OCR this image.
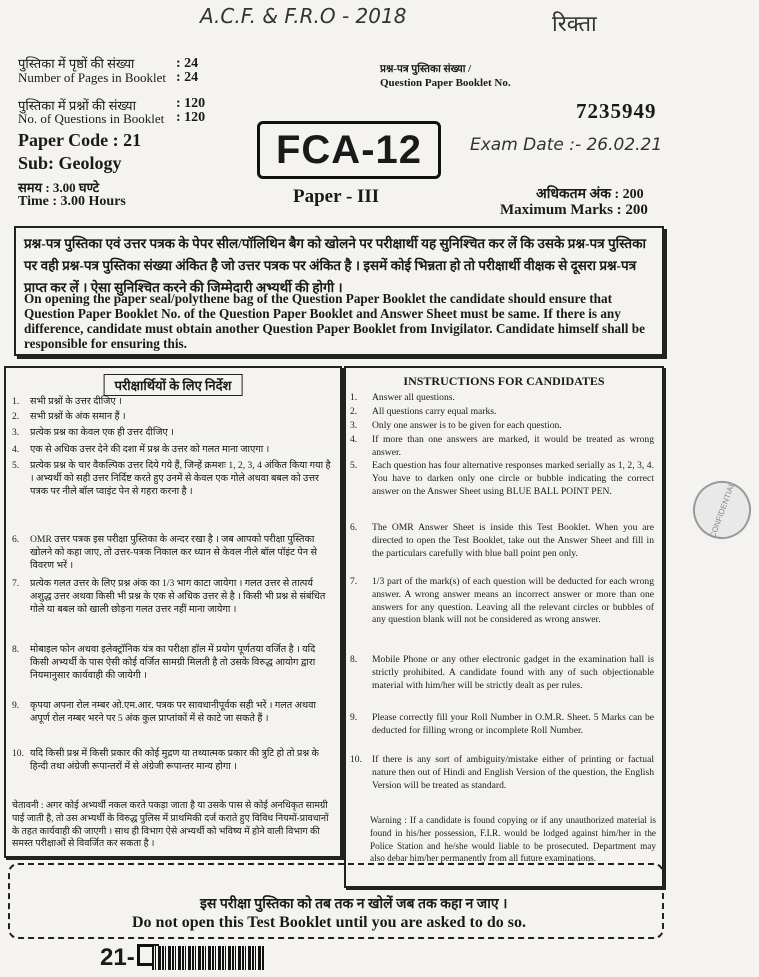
A.C.F. & F.R.O - 2018	रिक्ता
Exam Date :- 26.02.21
पुस्तिका में पृष्ठों की संख्या
Number of Pages in Booklet
: 24
: 24
पुस्तिका में प्रश्नों की संख्या
No. of Questions in Booklet
: 120
: 120
Paper Code : 21
Sub: Geology
समय : 3.00 घण्टे
Time : 3.00 Hours
प्रश्न-पत्र पुस्तिका संख्या /
Question Paper Booklet No.
7235949
अधिकतम अंक : 200
Maximum Marks : 200
FCA-12
Paper - III
प्रश्न-पत्र पुस्तिका एवं उत्तर पत्रक के पेपर सील/पॉलिथिन बैग को खोलने पर परीक्षार्थी यह सुनिश्चित कर लें कि उसके प्रश्न-पत्र पुस्तिका पर वही प्रश्न-पत्र पुस्तिका संख्या अंकित है जो उत्तर पत्रक पर अंकित है । इसमें कोई भिन्नता हो तो परीक्षार्थी वीक्षक से दूसरा प्रश्न-पत्र प्राप्त कर लें । ऐसा सुनिश्चित करने की जिम्मेदारी अभ्यर्थी की होगी ।
On opening the paper seal/polythene bag of the Question Paper Booklet the candidate should ensure that Question Paper Booklet No. of the Question Paper Booklet and Answer Sheet must be same. If there is any difference, candidate must obtain another Question Paper Booklet from Invigilator. Candidate himself shall be responsible for ensuring this.
परीक्षार्थियों के लिए निर्देश
1. सभी प्रश्नों के उत्तर दीजिए ।
2. सभी प्रश्नों के अंक समान हैं ।
3. प्रत्येक प्रश्न का केवल एक ही उत्तर दीजिए ।
4. एक से अधिक उत्तर देने की दशा में प्रश्न के उत्तर को गलत माना जाएगा ।
5. प्रत्येक प्रश्न के चार वैकल्पिक उत्तर दिये गये हैं, जिन्हें क्रमशः 1, 2, 3, 4 अंकित किया गया है । अभ्यर्थी को सही उत्तर निर्दिष्ट करते हुए उनमें से केवल एक गोले अथवा बबल को उत्तर पत्रक पर नीले बॉल प्वाइंट पेन से गहरा करना है ।
6. OMR उत्तर पत्रक इस परीक्षा पुस्तिका के अन्दर रखा है । जब आपको परीक्षा पुस्तिका खोलने को कहा जाए, तो उत्तर-पत्रक निकाल कर ध्यान से केवल नीले बॉल पॉइंट पेन से विवरण भरें ।
7. प्रत्येक गलत उत्तर के लिए प्रश्न अंक का 1/3 भाग काटा जायेगा । गलत उत्तर से तात्पर्य अशुद्ध उत्तर अथवा किसी भी प्रश्न के एक से अधिक उत्तर से है । किसी भी प्रश्न से संबंधित गोले या बबल को खाली छोड़ना गलत उत्तर नहीं माना जायेगा ।
8. मोबाइल फोन अथवा इलेक्ट्रॉनिक यंत्र का परीक्षा हॉल में प्रयोग पूर्णतया वर्जित है । यदि किसी अभ्यर्थी के पास ऐसी कोई वर्जित सामग्री मिलती है तो उसके विरुद्ध आयोग द्वारा नियमानुसार कार्यवाही की जायेगी ।
9. कृपया अपना रोल नम्बर ओ.एम.आर. पत्रक पर सावधानीपूर्वक सही भरें । गलत अथवा अपूर्ण रोल नम्बर भरने पर 5 अंक कुल प्राप्तांकों में से काटे जा सकते हैं ।
10. यदि किसी प्रश्न में किसी प्रकार की कोई मुद्रण या तथ्यात्मक प्रकार की त्रुटि हो तो प्रश्न के हिन्दी तथा अंग्रेजी रूपान्तरों में से अंग्रेजी रूपान्तर मान्य होगा ।
चेतावनी : अगर कोई अभ्यर्थी नकल करते पकड़ा जाता है या उसके पास से कोई अनधिकृत सामग्री पाई जाती है, तो उस अभ्यर्थी के विरुद्ध पुलिस में प्राथमिकी दर्ज कराते हुए विविध नियमों-प्रावधानों के तहत कार्यवाही की जाएगी । साथ ही विभाग ऐसे अभ्यर्थी को भविष्य में होने वाली विभाग की समस्त परीक्षाओं से विवर्जित कर सकता है ।
INSTRUCTIONS FOR CANDIDATES
1. Answer all questions.
2. All questions carry equal marks.
3. Only one answer is to be given for each question.
4. If more than one answers are marked, it would be treated as wrong answer.
5. Each question has four alternative responses marked serially as 1, 2, 3, 4. You have to darken only one circle or bubble indicating the correct answer on the Answer Sheet using BLUE BALL POINT PEN.
6. The OMR Answer Sheet is inside this Test Booklet. When you are directed to open the Test Booklet, take out the Answer Sheet and fill in the particulars carefully with blue ball point pen only.
7. 1/3 part of the mark(s) of each question will be deducted for each wrong answer. A wrong answer means an incorrect answer or more than one answers for any question. Leaving all the relevant circles or bubbles of any question blank will not be considered as wrong answer.
8. Mobile Phone or any other electronic gadget in the examination hall is strictly prohibited. A candidate found with any of such objectionable material with him/her will be strictly dealt as per rules.
9. Please correctly fill your Roll Number in O.M.R. Sheet. 5 Marks can be deducted for filling wrong or incomplete Roll Number.
10. If there is any sort of ambiguity/mistake either of printing or factual nature then out of Hindi and English Version of the question, the English Version will be treated as standard.
Warning : If a candidate is found copying or if any unauthorized material is found in his/her possession, F.I.R. would be lodged against him/her in the Police Station and he/she would liable to be prosecuted. Department may also debar him/her permanently from all future examinations.
CONFIDENTIAL
इस परीक्षा पुस्तिका को तब तक न खोलें जब तक कहा न जाए ।
Do not open this Test Booklet until you are asked to do so.
21-
